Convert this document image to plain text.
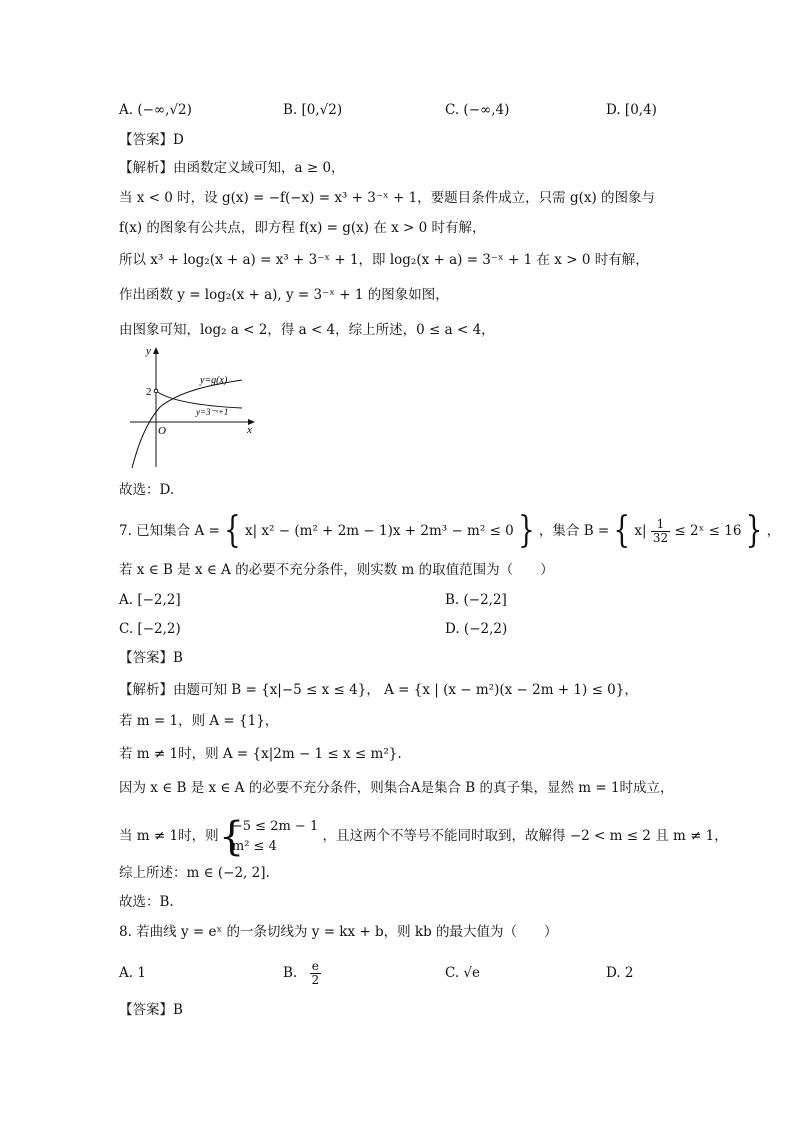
A. (−∞,√2)	B. [0,√2)	C. (−∞,4)	D. [0,4)
【答案】D
【解析】由函数定义域可知，a ≥ 0，
当 x < 0 时，设 g(x) = −f(−x) = x³ + 3⁻ˣ + 1，要题目条件成立，只需 g(x) 的图象与
f(x) 的图象有公共点，即方程 f(x) = g(x) 在 x > 0 时有解，
所以 x³ + log₂(x + a) = x³ + 3⁻ˣ + 1，即 log₂(x + a) = 3⁻ˣ + 1 在 x > 0 时有解，
作出函数 y = log₂(x + a), y = 3⁻ˣ + 1 的图象如图，
由图象可知，log₂ a < 2，得 a < 4，综上所述，0 ≤ a < 4，
y
x
O
2
y=g(x)
y=3⁻ˣ+1
故选：D.
7. 已知集合 A = { x| x² − (m² + 2m − 1)x + 2m³ − m² ≤ 0 } ，集合 B = { $x| \frac{1}{32}$ ≤ 2ˣ ≤ 16 } ，
若 x ∈ B 是 x ∈ A 的必要不充分条件，则实数 m 的取值范围为（　　）
A. [−2,2]	B. (−2,2]
C. [−2,2)	D. (−2,2)
【答案】B
【解析】由题可知 B = {x|−5 ≤ x ≤ 4}， A = {x | (x − m²)(x − 2m + 1) ≤ 0}，
若 m = 1，则 A = {1}，
若 m ≠ 1时，则 A = {x|2m − 1 ≤ x ≤ m²}.
因为 x ∈ B 是 x ∈ A 的必要不充分条件，则集合A是集合 B 的真子集，显然 m = 1时成立，
当 m ≠ 1时，则
{ −5 ≤ 2m − 1
m² ≤ 4
，且这两个不等号不能同时取到，故解得 −2 < m ≤ 2 且 m ≠ 1，
综上所述：m ∈ (−2, 2].
故选：B.
8. 若曲线 y = eˣ 的一条切线为 y = kx + b，则 kb 的最大值为（　　）
A. 1	B. $\frac{e}{2}$	C. √e	D. 2
【答案】B
